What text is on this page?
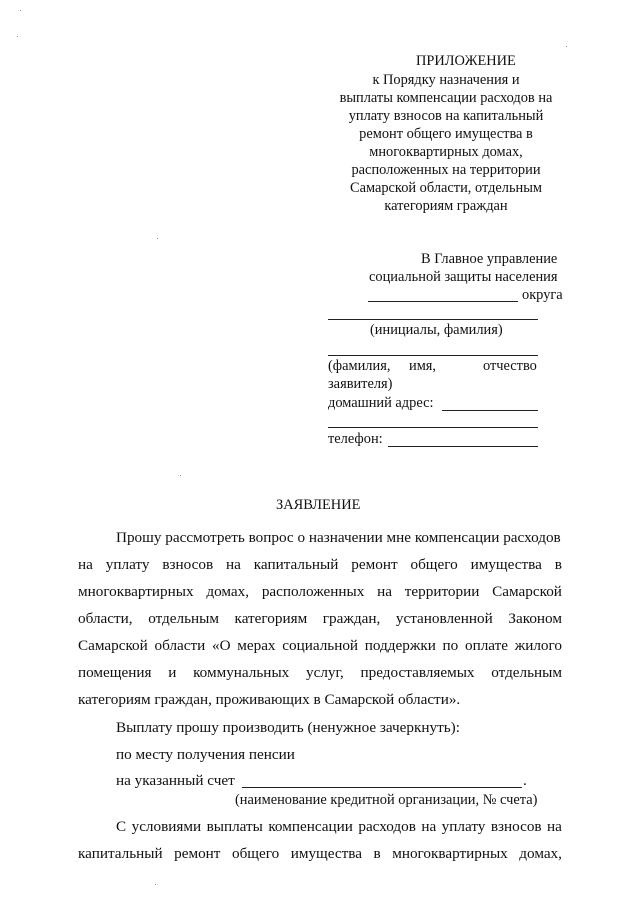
ПРИЛОЖЕНИЕ
к Порядку назначения и
выплаты компенсации расходов на
уплату взносов на капитальный
ремонт общего имущества в
многоквартирных домах,
расположенных на территории
Самарской области, отдельным
категориям граждан
В Главное управление
социальной защиты населения
округа
(инициалы, фамилия)
(фамилия, имя,	отчество
заявителя)
домашний адрес:
телефон:
ЗАЯВЛЕНИЕ
Прошу рассмотреть вопрос о назначении мне компенсации расходов
на уплату взносов на капитальный ремонт общего имущества в
многоквартирных домах, расположенных на территории Самарской
области, отдельным категориям граждан, установленной Законом
Самарской области «О мерах социальной поддержки по оплате жилого
помещения и коммунальных услуг, предоставляемых отдельным
категориям граждан, проживающих в Самарской области».
Выплату прошу производить (ненужное зачеркнуть):
по месту получения пенсии
на указанный счет	.
(наименование кредитной организации, № счета)
С условиями выплаты компенсации расходов на уплату взносов на
капитальный ремонт общего имущества в многоквартирных домах,
